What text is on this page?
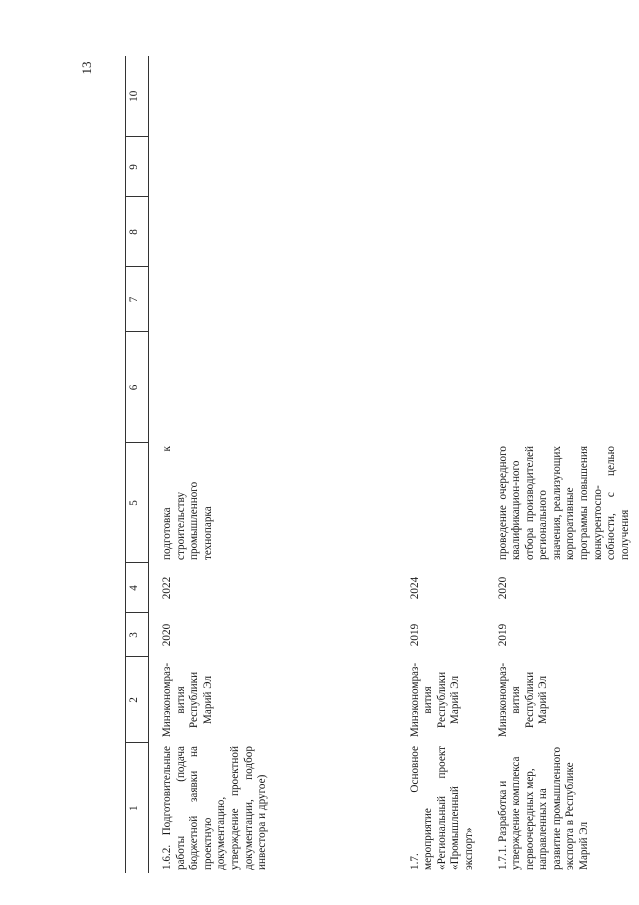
13
1	2	3	4	5	6	7	8	9	10
1.6.2. Подготовительные работы (подача бюджетной заявки на проектную документацию, утверждение проектной документации, подбор инвестора и другое)	Минэкономраз-
вития
Республики
Марий Эл	2020	2022	подготовка к строительству промышленного технопарка					
1.7. Основное мероприятие «Региональный проект «Промышленный экспорт»	Минэкономраз-
вития
Республики
Марий Эл	2019	2024						
1.7.1. Разработка и утверждение комплекса первоочередных мер, направленных на развитие промышленного экспорта в Республике Марий Эл	Минэкономраз-
вития
Республики
Марий Эл	2019	2020	проведение очередного квалификацион-ного отбора производителей регионального значения, реализующих корпоративные программы повышения конкурентоспо-собности, с целью получения					
